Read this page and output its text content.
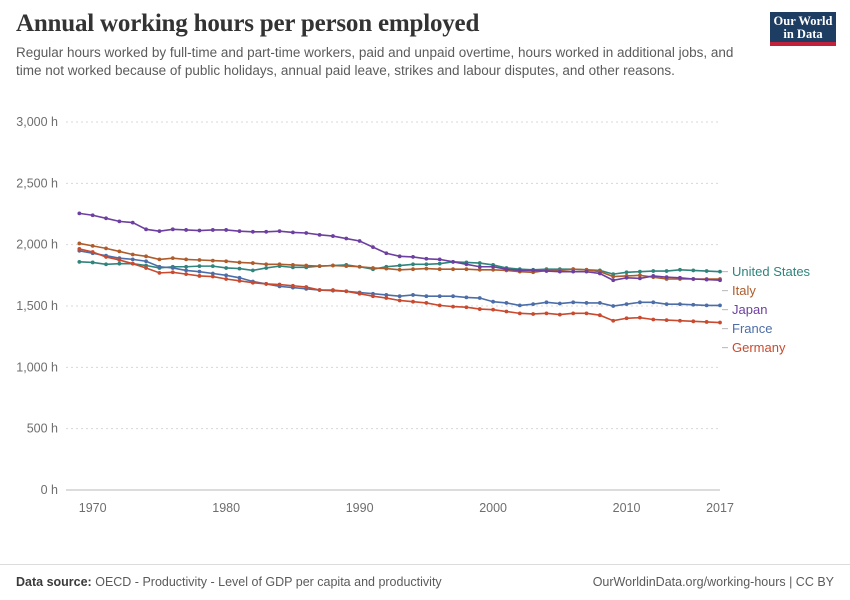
Annual working hours per person employed

Regular hours worked by full-time and part-time workers, paid and unpaid overtime, hours worked in additional jobs, and time not worked because of public holidays, annual paid leave, strikes and labour disputes, and other reasons.

Our World
in Data
0 h
500 h
1,000 h
1,500 h
2,000 h
2,500 h
3,000 h
1970	1980	1990	2000	2010	2017
United States
Italy
Japan
France
Germany
Data source: OECD - Productivity - Level of GDP per capita and productivity	OurWorldinData.org/working-hours | CC BY
